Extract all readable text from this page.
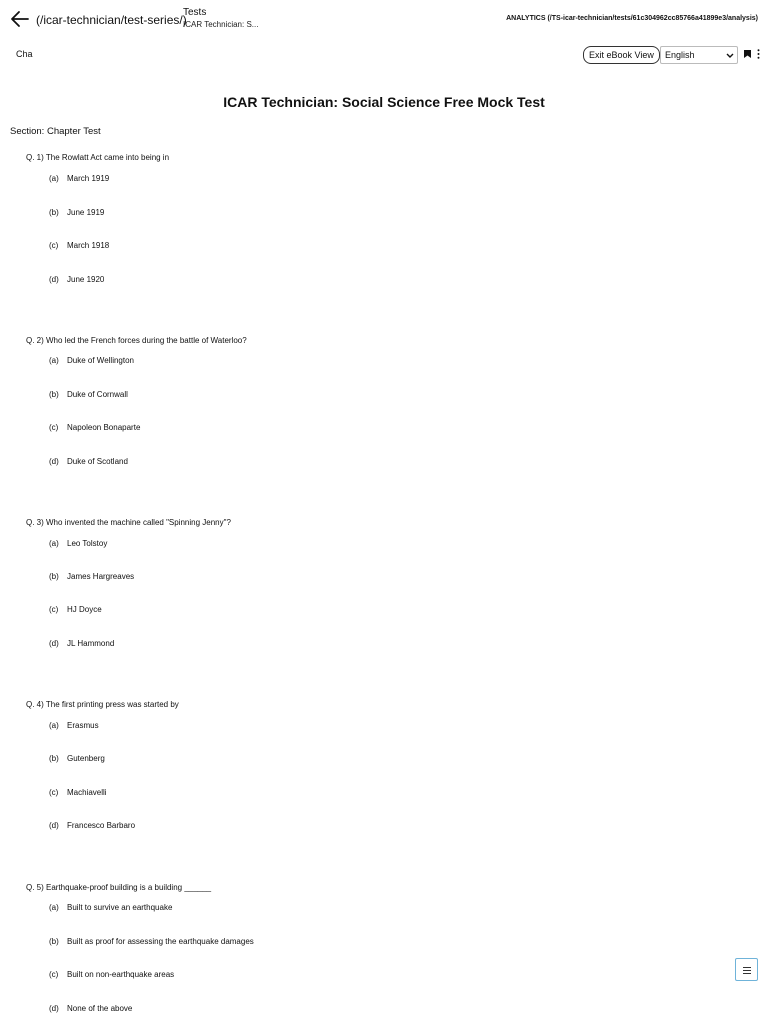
(/icar-technician/test-series/)
Tests
ICAR Technician: S...
ANALYTICS (/TS-icar-technician/tests/61c304962cc85766a41899e3/analysis)
Cha	Exit eBook View	English
ICAR Technician: Social Science Free Mock Test
Section: Chapter Test
Q. 1) The Rowlatt Act came into being in
(a) March 1919
(b) June 1919
(c) March 1918
(d) June 1920
Q. 2) Who led the French forces during the battle of Waterloo?
(a) Duke of Wellington
(b) Duke of Cornwall
(c) Napoleon Bonaparte
(d) Duke of Scotland
Q. 3) Who invented the machine called "Spinning Jenny"?
(a) Leo Tolstoy
(b) James Hargreaves
(c) HJ Doyce
(d) JL Hammond
Q. 4) The first printing press was started by
(a) Erasmus
(b) Gutenberg
(c) Machiavelli
(d) Francesco Barbaro
Q. 5) Earthquake-proof building is a building ______
(a) Built to survive an earthquake
(b) Built as proof for assessing the earthquake damages
(c) Built on non-earthquake areas
(d) None of the above
